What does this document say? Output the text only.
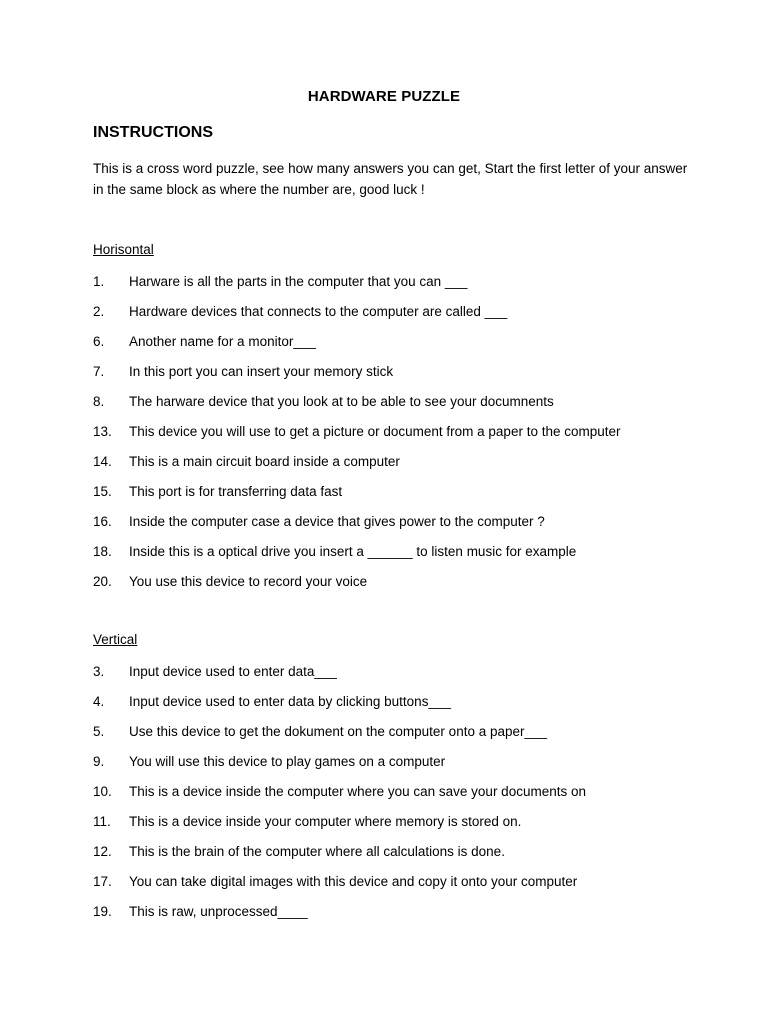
HARDWARE PUZZLE
INSTRUCTIONS
This is a cross word puzzle, see how many answers you can get, Start the first letter of your answer in the same block as where the number are, good luck !
Horisontal
1. Harware is all the parts in the computer that you can ___
2. Hardware devices that connects to the computer are called ___
6. Another name for a monitor___
7. In this port you can insert your memory stick
8. The harware device that you look at to be able to see your documnents
13. This device you will use to get a picture or document from a paper to the computer
14. This is a main circuit board inside a computer
15. This port is for transferring data fast
16. Inside the computer case a device that gives power to the computer ?
18. Inside this is a optical drive you insert a ______ to listen music for example
20. You use this device to record your voice
Vertical
3. Input device used to enter data___
4. Input device used to enter data by clicking buttons___
5. Use this device to get the dokument on the computer onto a paper___
9. You will use this device to play games on a computer
10. This is a device inside the computer where you can save your documents on
11. This is a device inside your computer where memory is stored on.
12. This is the brain of the computer where all calculations is done.
17. You can take digital images with this device and copy it onto your computer
19. This is raw, unprocessed____
